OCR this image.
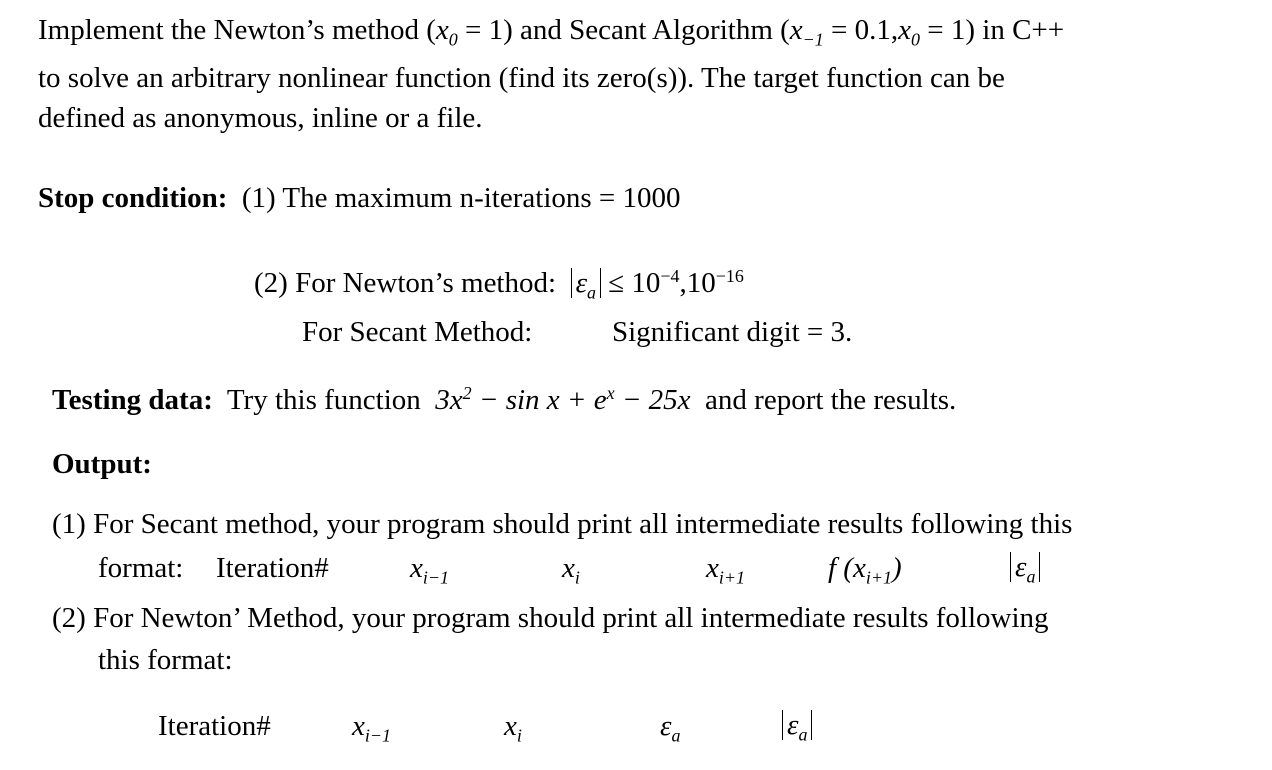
Implement the Newton’s method $(x_0 = 1)$ and Secant Algorithm $(x_{-1} = 0.1,x_0 = 1)$ in C++
to solve an arbitrary nonlinear function (find its zero(s)). The target function can be
defined as anonymous, inline or a file.
Stop condition: (1) The maximum n-iterations = 1000
(2) For Newton’s method: $\varepsilon_a \le 10^{-4},10^{-16}$
For Secant Method:	Significant digit = 3.
Testing data: Try this function $3x^2 - \sin x + e^x - 25x$ and report the results.
Output:
(1) For Secant method, your program should print all intermediate results following this
format: Iteration#	$x_{i-1}$	$x_i$	$x_{i+1}$	f $(x_{i+1})$	$\varepsilon_a$
(2) For Newton’ Method, your program should print all intermediate results following
this format:
Iteration#	$x_{i-1}$	$x_i$	$\varepsilon_a$	$\varepsilon_a$
